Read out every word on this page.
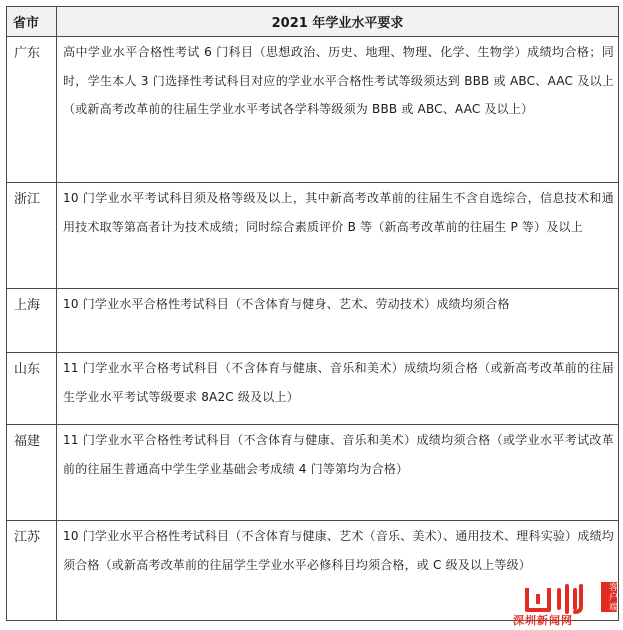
省市	2021 年学业水平要求
广东	高中学业水平合格性考试 6 门科目（思想政治、历史、地理、物理、化学、生物学）成绩均合格；同时，学生本人 3 门选择性考试科目对应的学业水平合格性考试等级须达到 BBB 或 ABC、AAC 及以上（或新高考改革前的往届生学业水平考试各学科等级须为 BBB 或 ABC、AAC 及以上）
浙江	10 门学业水平考试科目须及格等级及以上，其中新高考改革前的往届生不含自选综合，信息技术和通用技术取等第高者计为技术成绩；同时综合素质评价 B 等（新高考改革前的往届生 P 等）及以上
上海	10 门学业水平合格性考试科目（不含体育与健身、艺术、劳动技术）成绩均须合格
山东	11 门学业水平合格考试科目（不含体育与健康、音乐和美术）成绩均须合格（或新高考改革前的往届生学业水平考试等级要求 8A2C 级及以上）
福建	11 门学业水平合格性考试科目（不含体育与健康、音乐和美术）成绩均须合格（或学业水平考试改革前的往届生普通高中学生学业基础会考成绩 4 门等第均为合格）
江苏	10 门学业水平合格性考试科目（不含体育与健康、艺术（音乐、美术）、通用技术、理科实验）成绩均须合格（或新高考改革前的往届学生学业水平必修科目均须合格，或 C 级及以上等级）
客户端
深圳新闻网
